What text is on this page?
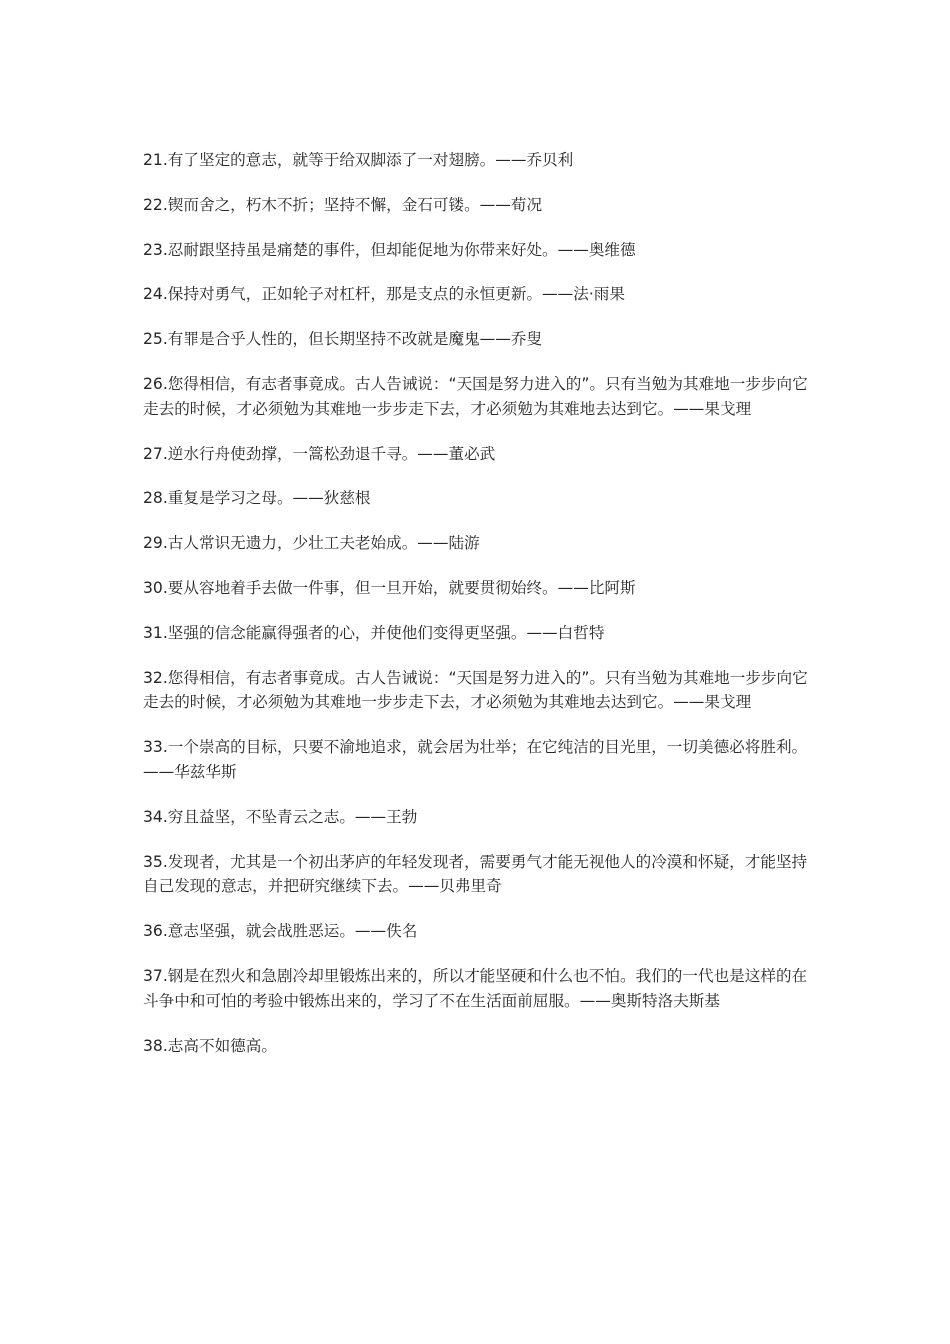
21.有了坚定的意志，就等于给双脚添了一对翅膀。——乔贝利

22.锲而舍之，朽木不折；坚持不懈，金石可镂。——荀况

23.忍耐跟坚持虽是痛楚的事件，但却能促地为你带来好处。——奥维德

24.保持对勇气，正如轮子对杠杆，那是支点的永恒更新。——法·雨果

25.有罪是合乎人性的，但长期坚持不改就是魔鬼——乔叟

26.您得相信，有志者事竟成。古人告诫说：“天国是努力进入的”。只有当勉为其难地一步步向它走去的时候，才必须勉为其难地一步步走下去，才必须勉为其难地去达到它。——果戈理

27.逆水行舟使劲撑，一篙松劲退千寻。——董必武

28.重复是学习之母。——狄慈根

29.古人常识无遗力，少壮工夫老始成。——陆游

30.要从容地着手去做一件事，但一旦开始，就要贯彻始终。——比阿斯

31.坚强的信念能赢得强者的心，并使他们变得更坚强。——白哲特

32.您得相信，有志者事竟成。古人告诫说：“天国是努力进入的”。只有当勉为其难地一步步向它走去的时候，才必须勉为其难地一步步走下去，才必须勉为其难地去达到它。——果戈理

33.一个崇高的目标，只要不渝地追求，就会居为壮举；在它纯洁的目光里，一切美德必将胜利。——华兹华斯

34.穷且益坚，不坠青云之志。——王勃

35.发现者，尤其是一个初出茅庐的年轻发现者，需要勇气才能无视他人的冷漠和怀疑，才能坚持自己发现的意志，并把研究继续下去。——贝弗里奇

36.意志坚强，就会战胜恶运。——佚名

37.钢是在烈火和急剧冷却里锻炼出来的，所以才能坚硬和什么也不怕。我们的一代也是这样的在斗争中和可怕的考验中锻炼出来的，学习了不在生活面前屈服。——奥斯特洛夫斯基

38.志高不如德高。
